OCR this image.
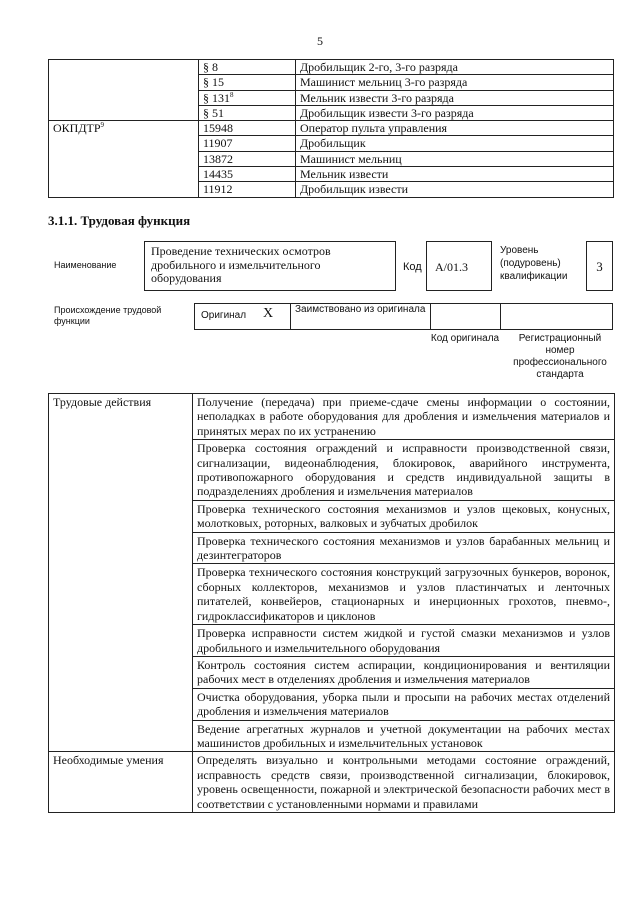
5
	§ 8	Дробильщик 2-го, 3-го разряда
	§ 15	Машинист мельниц 3-го разряда
	§ $131^8$	Мельник извести 3-го разряда
	§ 51	Дробильщик извести 3-го разряда
ОКПДТР$^9$	15948	Оператор пульта управления
	11907	Дробильщик
	13872	Машинист мельниц
	14435	Мельник извести
	11912	Дробильщик извести
3.1.1. Трудовая функция
Наименование
Проведение технических осмотров дробильного и измельчительного оборудования
Код	А/01.3
Уровень (подуровень) квалификации
3
Происхождение трудовой функции	Оригинал X Заимствовано из оригинала
Код оригинала	Регистрационный номер профессионального стандарта
Трудовые действия	Получение (передача) при приеме-сдаче смены информации о состоянии, неполадках в работе оборудования для дробления и измельчения материалов и принятых мерах по их устранению
	Проверка состояния ограждений и исправности производственной связи, сигнализации, видеонаблюдения, блокировок, аварийного инструмента, противопожарного оборудования и средств индивидуальной защиты в подразделениях дробления и измельчения материалов
	Проверка технического состояния механизмов и узлов щековых, конусных, молотковых, роторных, валковых и зубчатых дробилок
	Проверка технического состояния механизмов и узлов барабанных мельниц и дезинтеграторов
	Проверка технического состояния конструкций загрузочных бункеров, воронок, сборных коллекторов, механизмов и узлов пластинчатых и ленточных питателей, конвейеров, стационарных и инерционных грохотов, пневмо-, гидроклассификаторов и циклонов
	Проверка исправности систем жидкой и густой смазки механизмов и узлов дробильного и измельчительного оборудования
	Контроль состояния систем аспирации, кондиционирования и вентиляции рабочих мест в отделениях дробления и измельчения материалов
	Очистка оборудования, уборка пыли и просыпи на рабочих местах отделений дробления и измельчения материалов
	Ведение агрегатных журналов и учетной документации на рабочих местах машинистов дробильных и измельчительных установок
Необходимые умения	Определять визуально и контрольными методами состояние ограждений, исправность средств связи, производственной сигнализации, блокировок, уровень освещенности, пожарной и электрической безопасности рабочих мест в соответствии с установленными нормами и правилами
